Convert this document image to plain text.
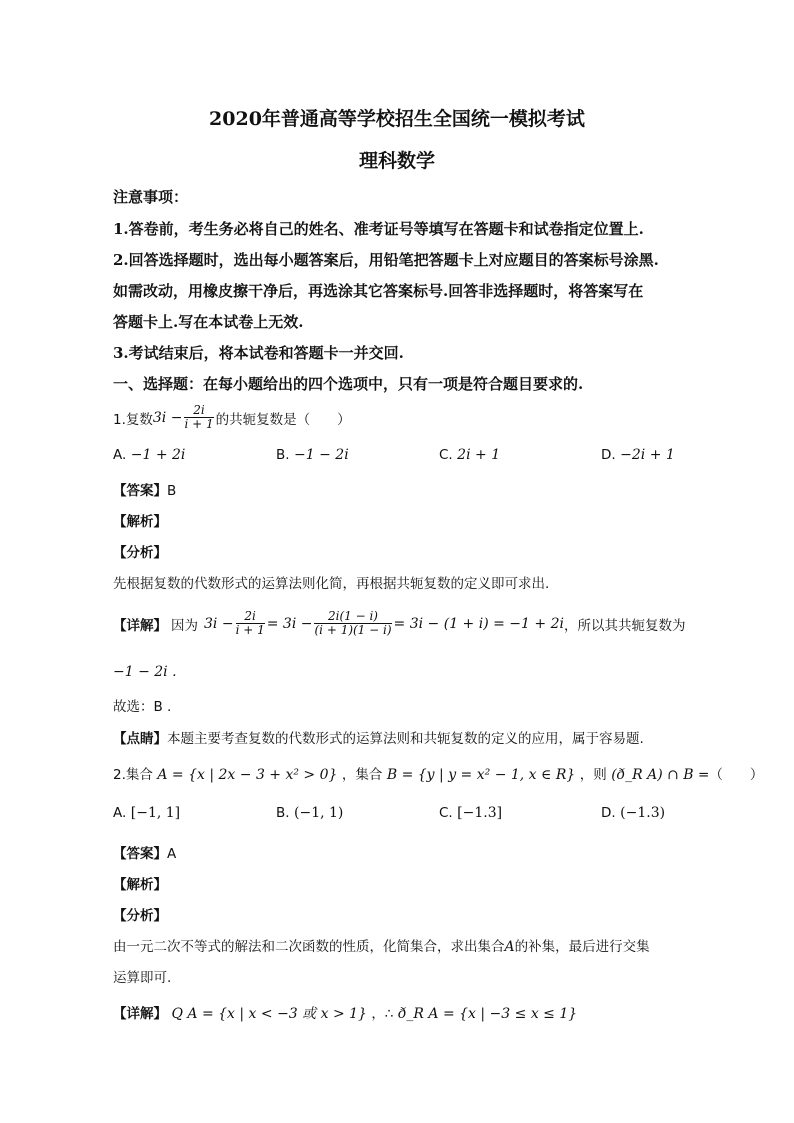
2020年普通高等学校招生全国统一模拟考试
理科数学
注意事项：
1.答卷前，考生务必将自己的姓名、准考证号等填写在答题卡和试卷指定位置上.
2.回答选择题时，选出每小题答案后，用铅笔把答题卡上对应题目的答案标号涂黑.
如需改动，用橡皮擦干净后，再选涂其它答案标号.回答非选择题时，将答案写在
答题卡上.写在本试卷上无效.
3.考试结束后，将本试卷和答题卡一并交回.
一、选择题：在每小题给出的四个选项中，只有一项是符合题目要求的.
1.复数 $3i - \frac{2i}{i + 1}$ 的共轭复数是（　　）
A. −1 + 2i	B. −1 − 2i	C. 2i + 1	D. −2i + 1
【答案】B
【解析】
【分析】
先根据复数的代数形式的运算法则化简，再根据共轭复数的定义即可求出.
【详解】 因为 $3i - \frac{2i}{i + 1} = 3i - \frac{2i(1 - i)}{(i + 1)(1 - i)} = 3i - (1 + i) = -1 + 2i$ ，所以其共轭复数为
−1 − 2i .
故选：B .
【点睛】本题主要考查复数的代数形式的运算法则和共轭复数的定义的应用，属于容易题.
2.集合 A = {x | 2x − 3 + x² > 0} ，集合 B = {y | y = x² − 1, x ∈ R} ，则 (ð_R A) ∩ B =（　　）
A. [−1, 1]	B. (−1, 1)	C. [−1.3]	D. (−1.3)
【答案】A
【解析】
【分析】
由一元二次不等式的解法和二次函数的性质，化简集合，求出集合A的补集，最后进行交集
运算即可.
【详解】 Q A = {x | x < −3 或 x > 1} ，∴ ð_R A = {x | −3 ≤ x ≤ 1}
